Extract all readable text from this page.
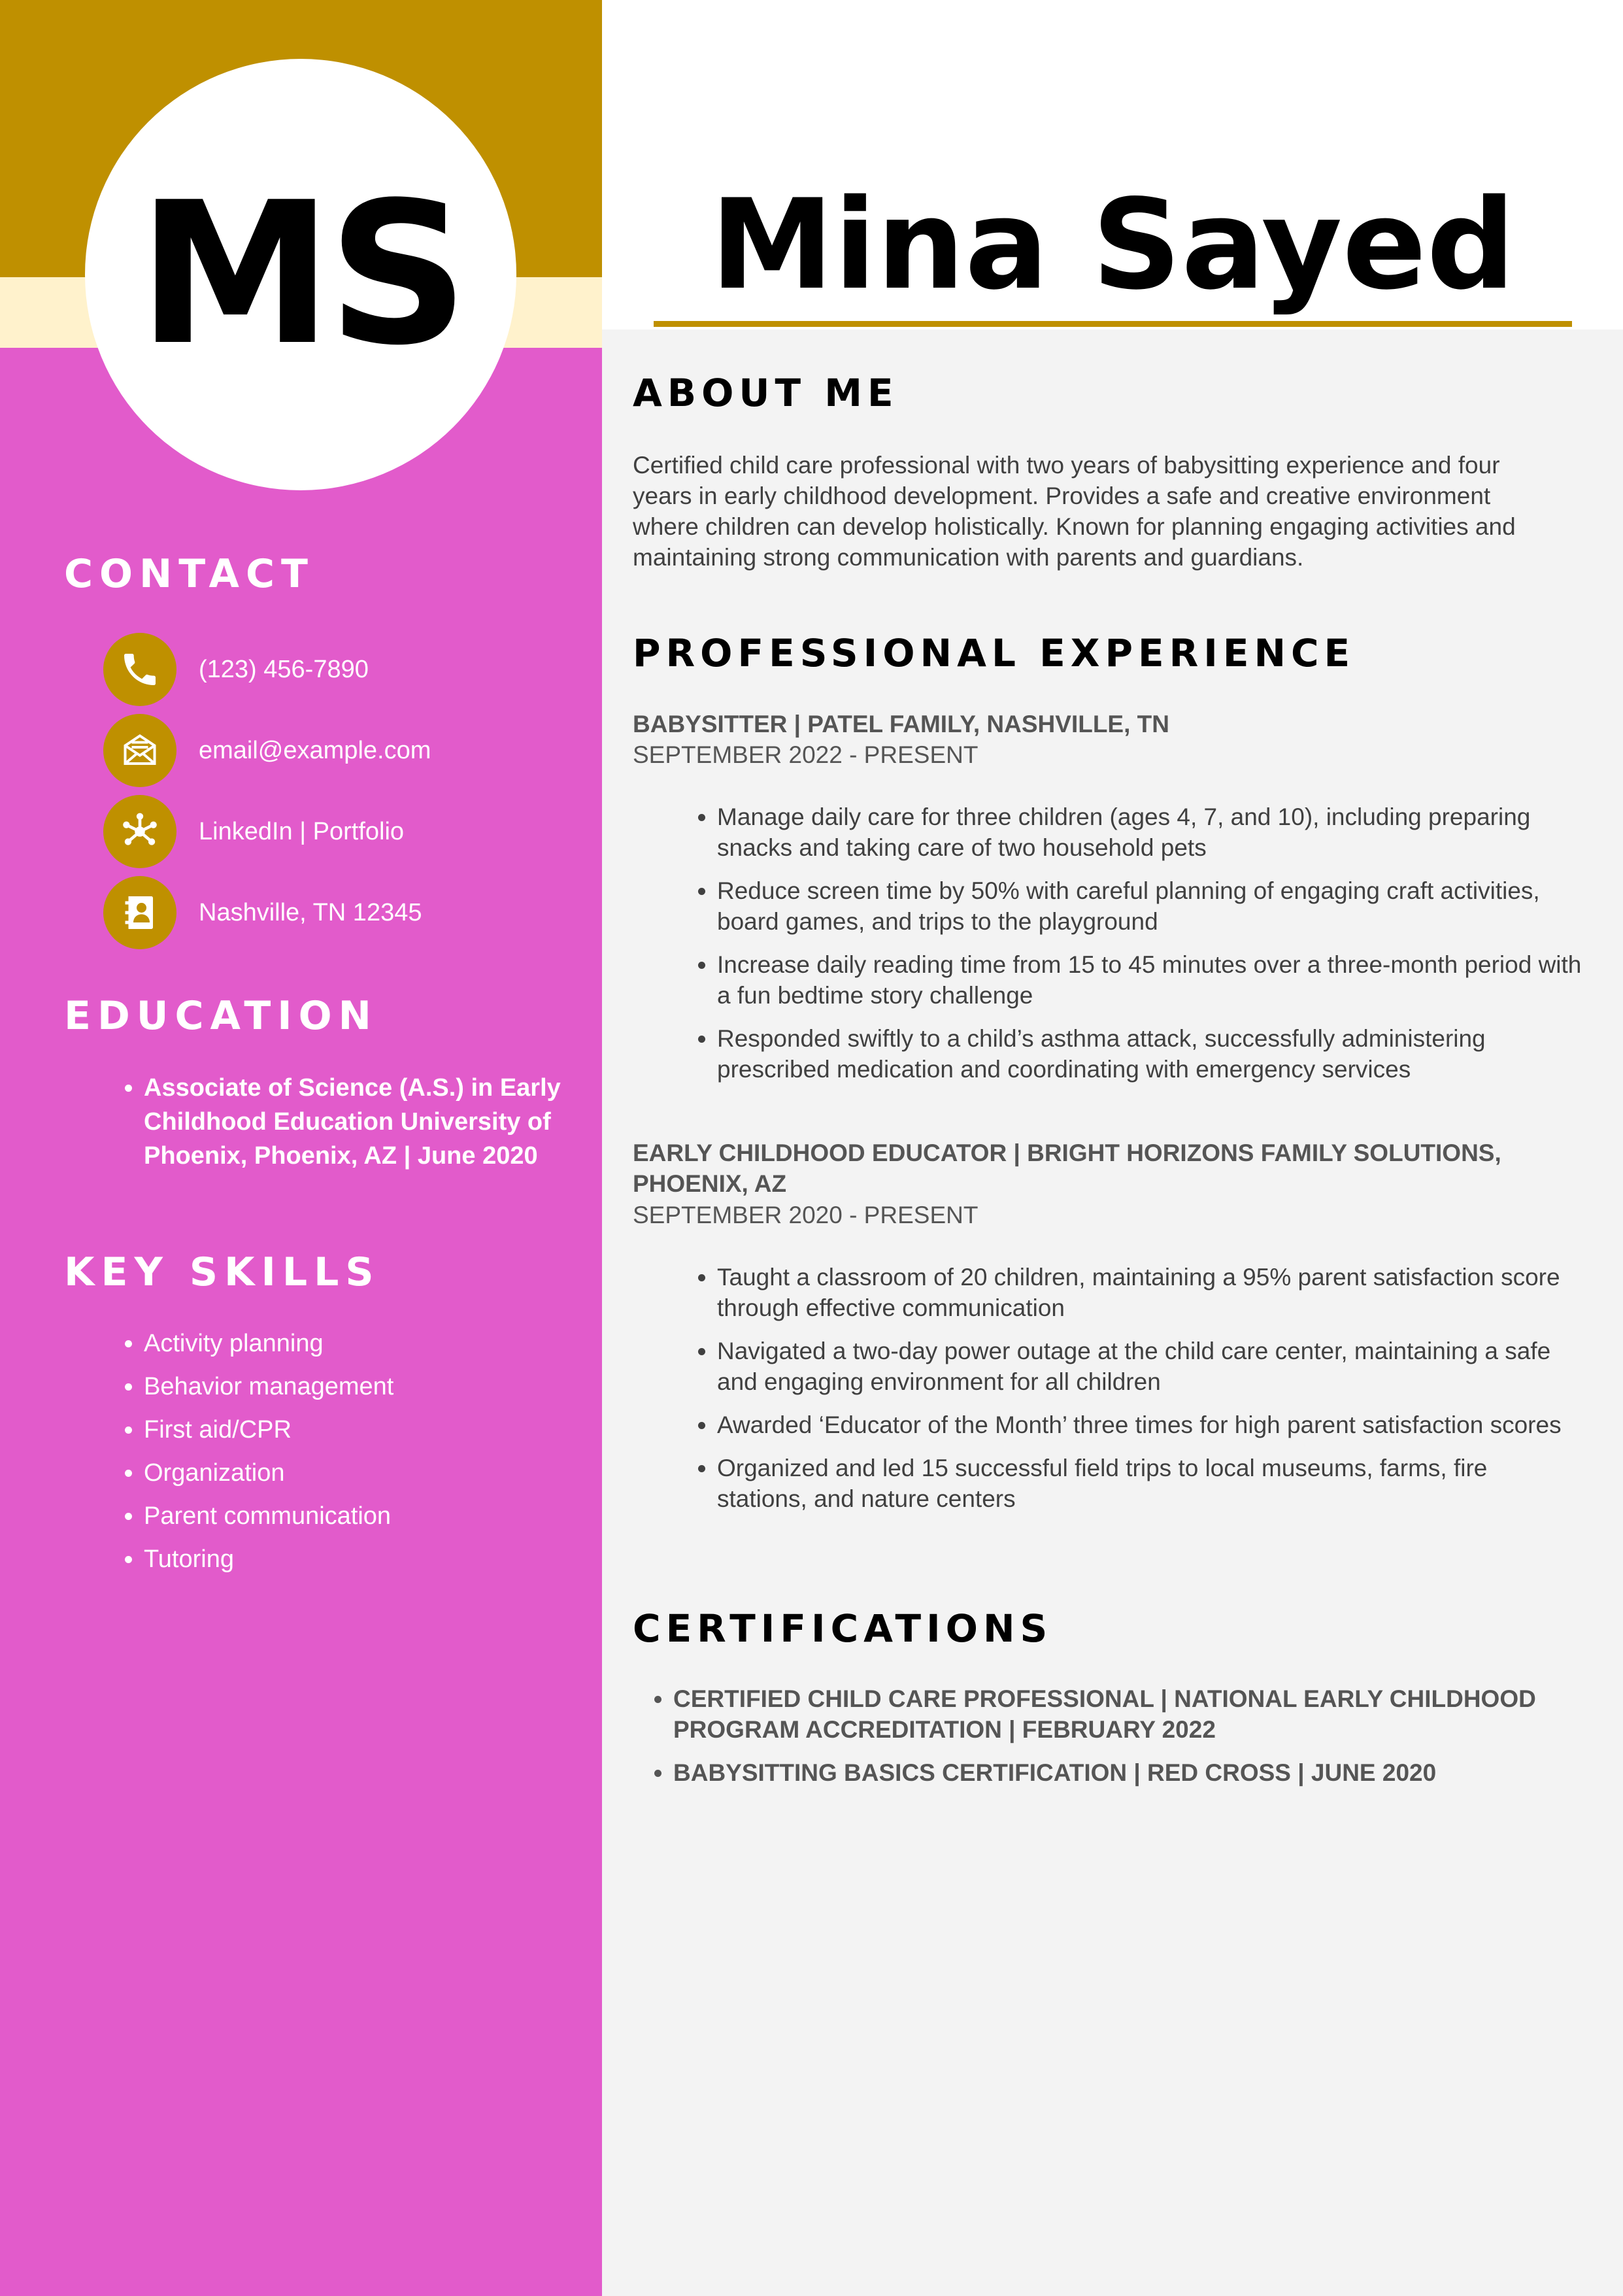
MS
CONTACT
(123) 456-7890
email@example.com
LinkedIn | Portfolio
Nashville, TN 12345
EDUCATION
• Associate of Science (A.S.) in Early Childhood Education University of Phoenix, Phoenix, AZ | June 2020
KEY SKILLS
• Activity planning
• Behavior management
• First aid/CPR
• Organization
• Parent communication
• Tutoring
Mina Sayed
ABOUT ME

Certified child care professional with two years of babysitting experience and four years in early childhood development. Provides a safe and creative environment where children can develop holistically. Known for planning engaging activities and maintaining strong communication with parents and guardians.

PROFESSIONAL EXPERIENCE

BABYSITTER | PATEL FAMILY, NASHVILLE, TN

SEPTEMBER 2022 - PRESENT

• Manage daily care for three children (ages 4, 7, and 10), including preparing snacks and taking care of two household pets
• Reduce screen time by 50% with careful planning of engaging craft activities, board games, and trips to the playground
• Increase daily reading time from 15 to 45 minutes over a three-month period with a fun bedtime story challenge
• Responded swiftly to a child’s asthma attack, successfully administering prescribed medication and coordinating with emergency services

EARLY CHILDHOOD EDUCATOR | BRIGHT HORIZONS FAMILY SOLUTIONS, PHOENIX, AZ

SEPTEMBER 2020 - PRESENT

• Taught a classroom of 20 children, maintaining a 95% parent satisfaction score through effective communication
• Navigated a two-day power outage at the child care center, maintaining a safe and engaging environment for all children
• Awarded ‘Educator of the Month’ three times for high parent satisfaction scores
• Organized and led 15 successful field trips to local museums, farms, fire stations, and nature centers
CERTIFICATIONS
• CERTIFIED CHILD CARE PROFESSIONAL | NATIONAL EARLY CHILDHOOD PROGRAM ACCREDITATION | FEBRUARY 2022
• BABYSITTING BASICS CERTIFICATION | RED CROSS | JUNE 2020
